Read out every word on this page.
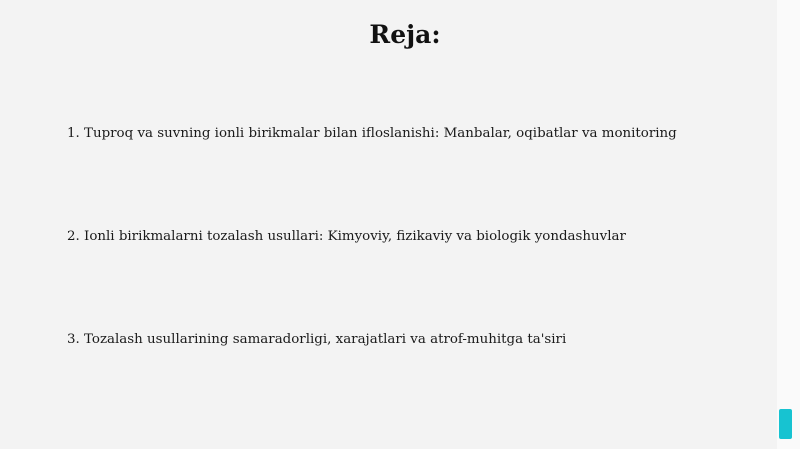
Reja:

1. Tuproq va suvning ionli birikmalar bilan ifloslanishi: Manbalar, oqibatlar va monitoring

2. Ionli birikmalarni tozalash usullari: Kimyoviy, fizikaviy va biologik yondashuvlar

3. Tozalash usullarining samaradorligi, xarajatlari va atrof-muhitga ta'siri
